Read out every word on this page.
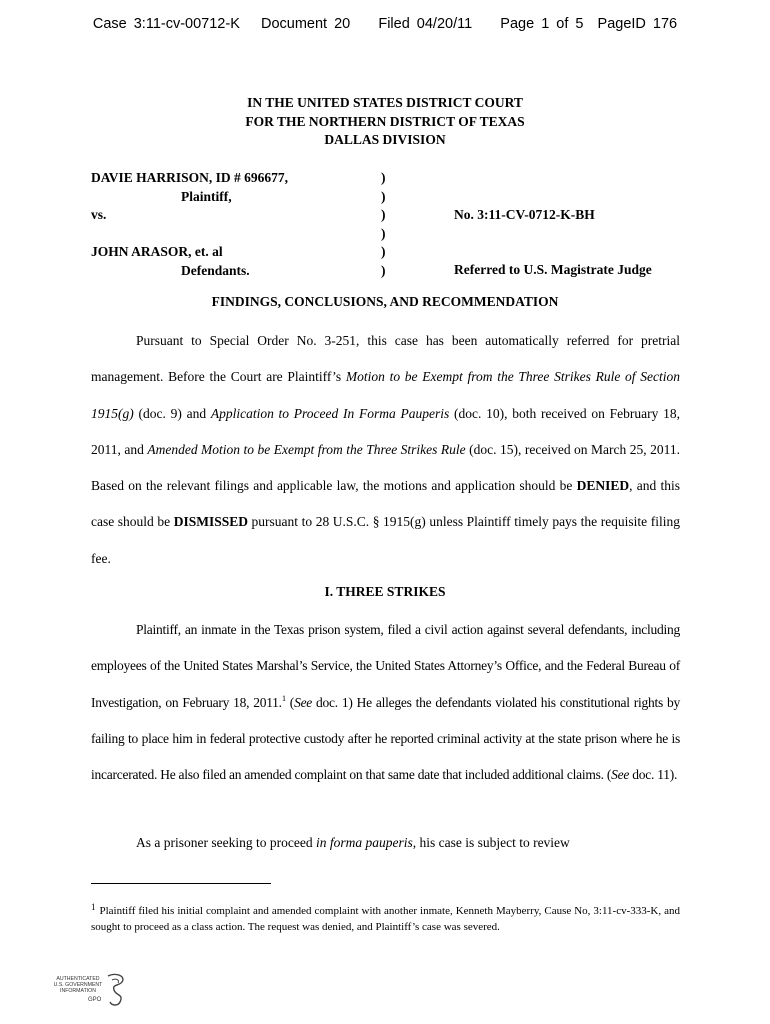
Case 3:11-cv-00712-K Document 20 Filed 04/20/11 Page 1 of 5 PageID 176
IN THE UNITED STATES DISTRICT COURT
FOR THE NORTHERN DISTRICT OF TEXAS
DALLAS DIVISION
DAVIE HARRISON, ID # 696677,
Plaintiff,
vs.

JOHN ARASOR, et. al
Defendants.
)
)
)
)
)
)
No. 3:11-CV-0712-K-BH
Referred to U.S. Magistrate Judge
FINDINGS, CONCLUSIONS, AND RECOMMENDATION
Pursuant to Special Order No. 3-251, this case has been automatically referred for pretrial management. Before the Court are Plaintiff’s Motion to be Exempt from the Three Strikes Rule of Section 1915(g) (doc. 9) and Application to Proceed In Forma Pauperis (doc. 10), both received on February 18, 2011, and Amended Motion to be Exempt from the Three Strikes Rule (doc. 15), received on March 25, 2011. Based on the relevant filings and applicable law, the motions and application should be DENIED, and this case should be DISMISSED pursuant to 28 U.S.C. § 1915(g) unless Plaintiff timely pays the requisite filing fee.
I. THREE STRIKES
Plaintiff, an inmate in the Texas prison system, filed a civil action against several defendants, including employees of the United States Marshal’s Service, the United States Attorney’s Office, and the Federal Bureau of Investigation, on February 18, 2011.$^1$ (See doc. 1) He alleges the defendants violated his constitutional rights by failing to place him in federal protective custody after he reported criminal activity at the state prison where he is incarcerated. He also filed an amended complaint on that same date that included additional claims. (See doc. 11).
As a prisoner seeking to proceed in forma pauperis, his case is subject to review
$^1$ Plaintiff filed his initial complaint and amended complaint with another inmate, Kenneth Mayberry, Cause No, 3:11-cv-333-K, and sought to proceed as a class action. The request was denied, and Plaintiff’s case was severed.
AUTHENTICATED
U.S. GOVERNMENT
INFORMATION
GPO
